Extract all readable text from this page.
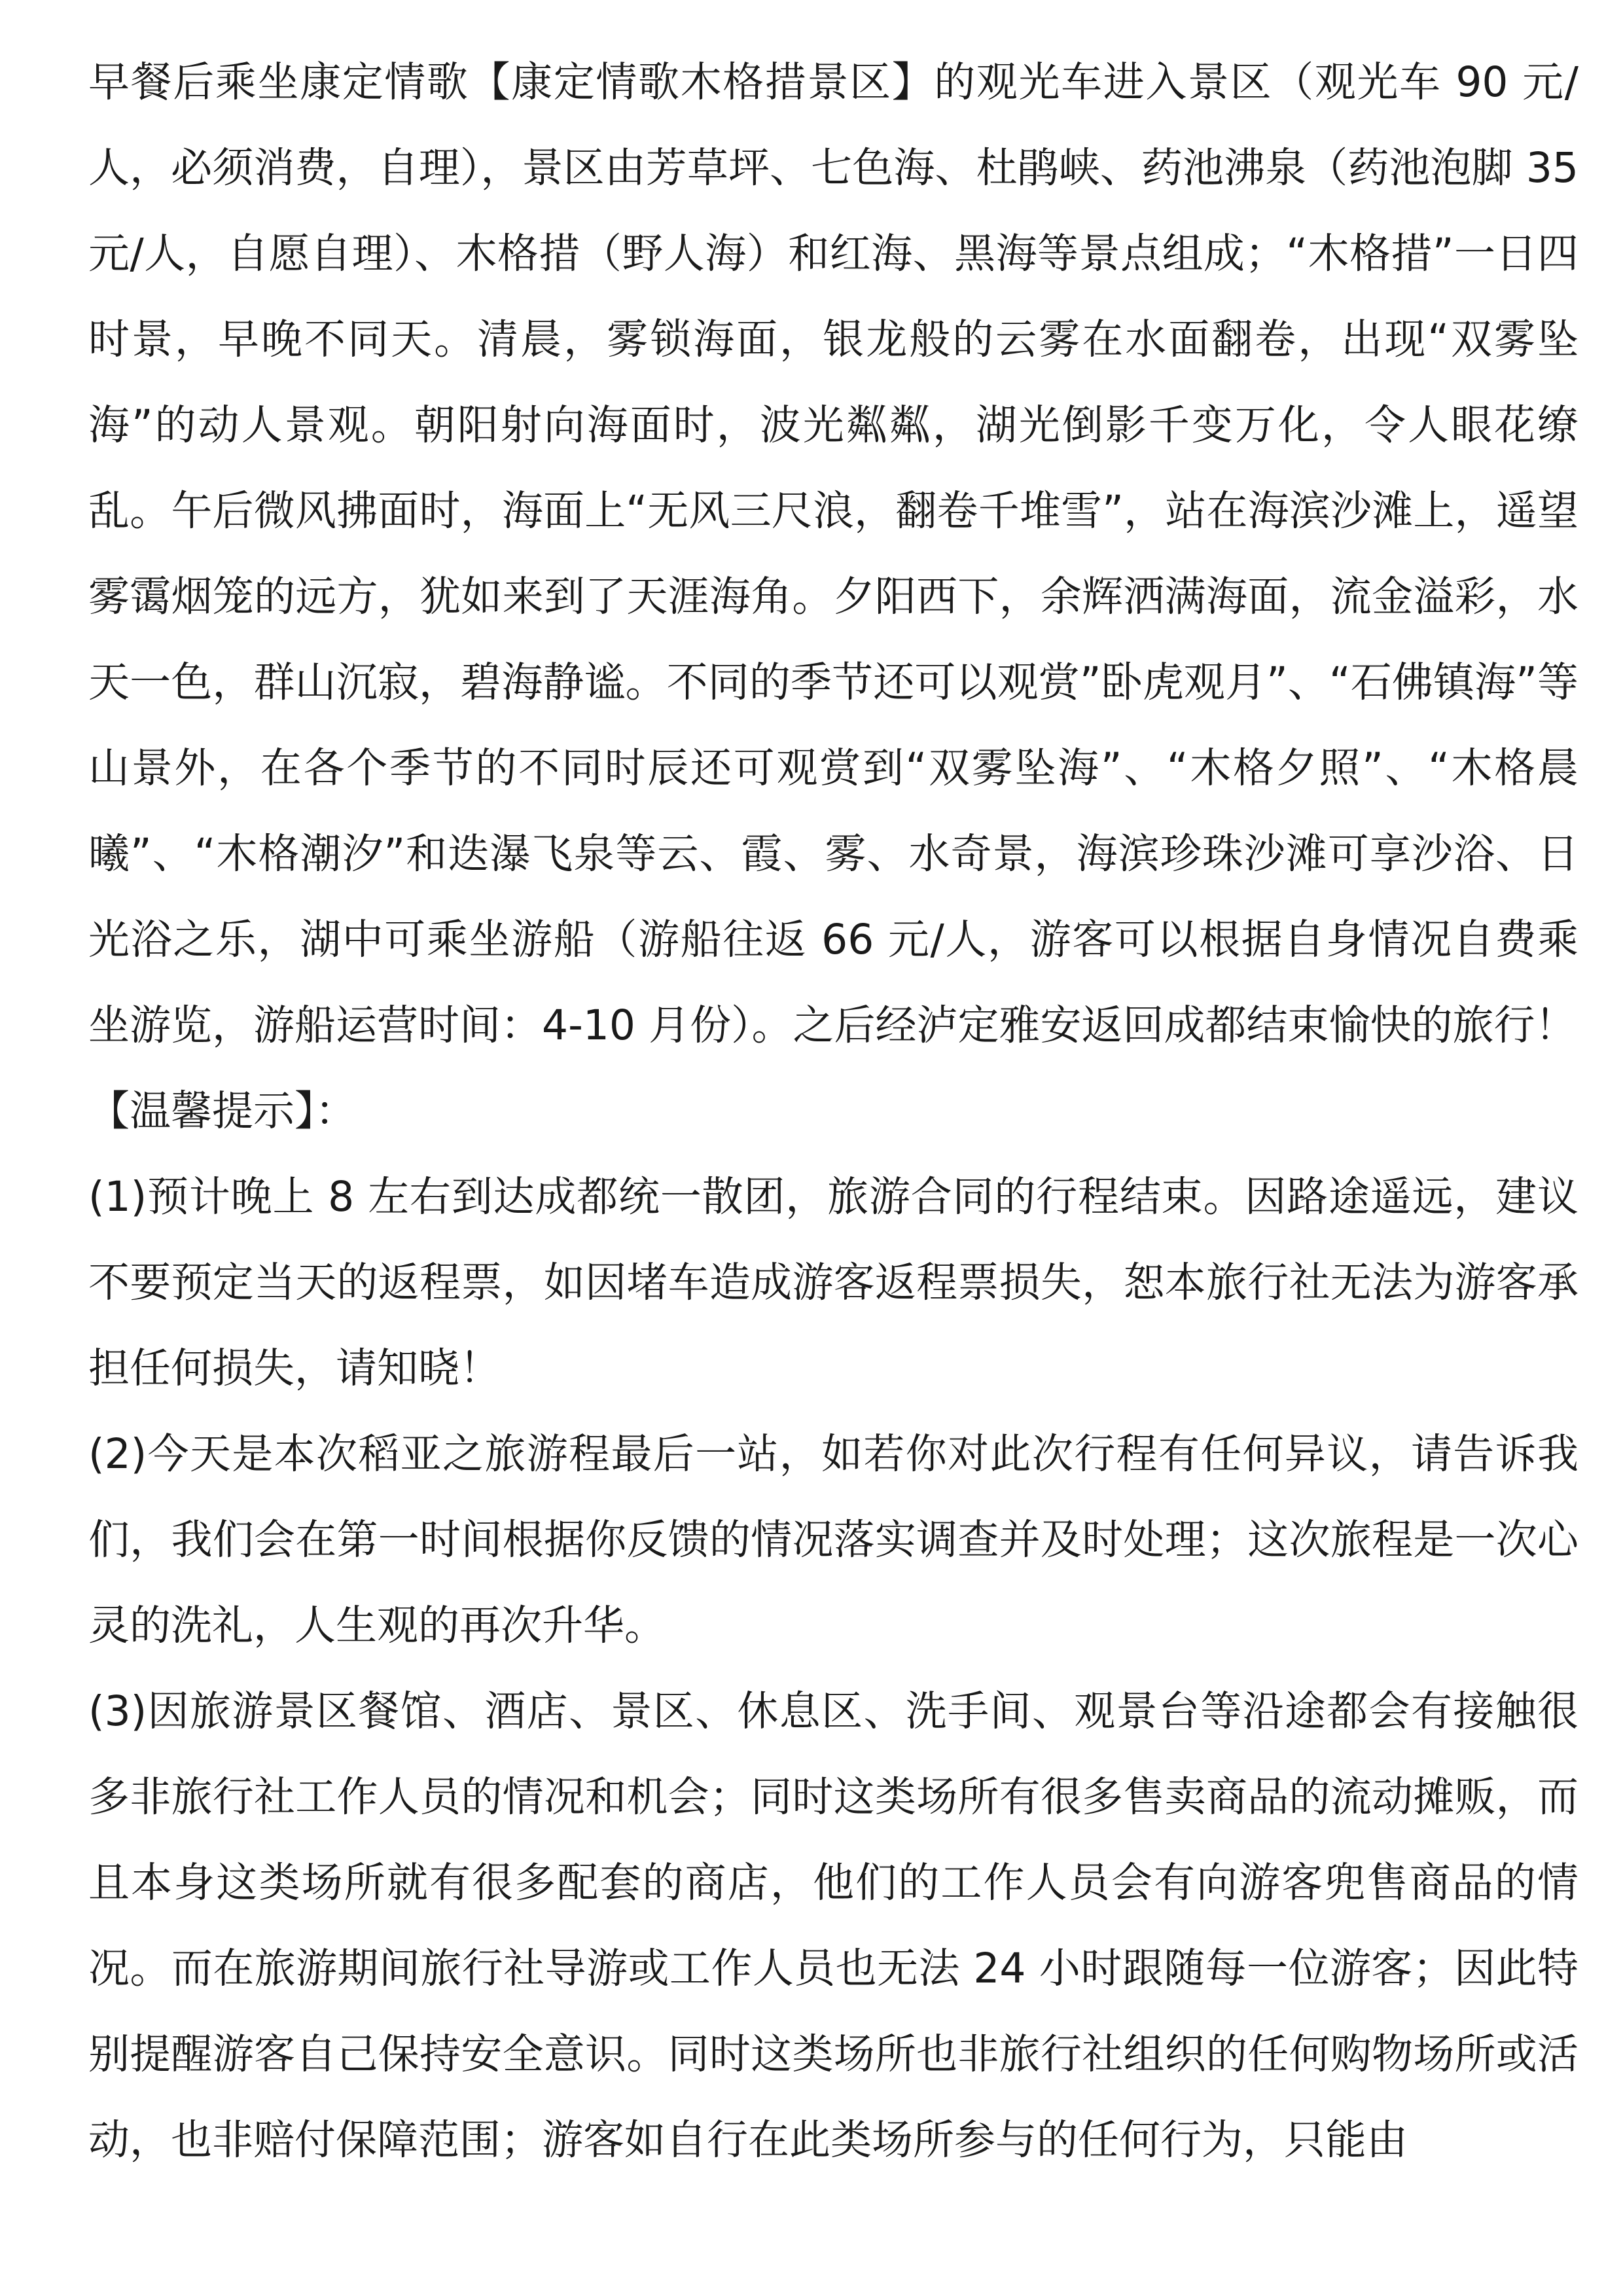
早餐后乘坐康定情歌【康定情歌木格措景区】的观光车进入景区（观光车 90 元/人，必须消费，自理），景区由芳草坪、七色海、杜鹃峡、药池沸泉（药池泡脚 35 元/人，自愿自理）、木格措（野人海）和红海、黑海等景点组成；“木格措”一日四时景，早晚不同天。清晨，雾锁海面，银龙般的云雾在水面翻卷，出现“双雾坠海”的动人景观。朝阳射向海面时，波光粼粼，湖光倒影千变万化，令人眼花缭乱。午后微风拂面时，海面上“无风三尺浪，翻卷千堆雪”，站在海滨沙滩上，遥望雾霭烟笼的远方，犹如来到了天涯海角。夕阳西下，余辉洒满海面，流金溢彩，水天一色，群山沉寂，碧海静谧。不同的季节还可以观赏”卧虎观月”、“石佛镇海”等山景外，在各个季节的不同时辰还可观赏到“双雾坠海”、“木格夕照”、“木格晨曦”、“木格潮汐”和迭瀑飞泉等云、霞、雾、水奇景，海滨珍珠沙滩可享沙浴、日光浴之乐，湖中可乘坐游船（游船往返 66 元/人，游客可以根据自身情况自费乘坐游览，游船运营时间：4-10 月份）。之后经泸定雅安返回成都结束愉快的旅行！

【温馨提示】：

(1)预计晚上 8 左右到达成都统一散团，旅游合同的行程结束。因路途遥远，建议不要预定当天的返程票，如因堵车造成游客返程票损失，恕本旅行社无法为游客承担任何损失，请知晓！

(2)今天是本次稻亚之旅游程最后一站，如若你对此次行程有任何异议，请告诉我们，我们会在第一时间根据你反馈的情况落实调查并及时处理；这次旅程是一次心灵的洗礼，人生观的再次升华。

(3)因旅游景区餐馆、酒店、景区、休息区、洗手间、观景台等沿途都会有接触很多非旅行社工作人员的情况和机会；同时这类场所有很多售卖商品的流动摊贩，而且本身这类场所就有很多配套的商店，他们的工作人员会有向游客兜售商品的情况。而在旅游期间旅行社导游或工作人员也无法 24 小时跟随每一位游客；因此特别提醒游客自己保持安全意识。同时这类场所也非旅行社组织的任何购物场所或活动，也非赔付保障范围；游客如自行在此类场所参与的任何行为，只能由
